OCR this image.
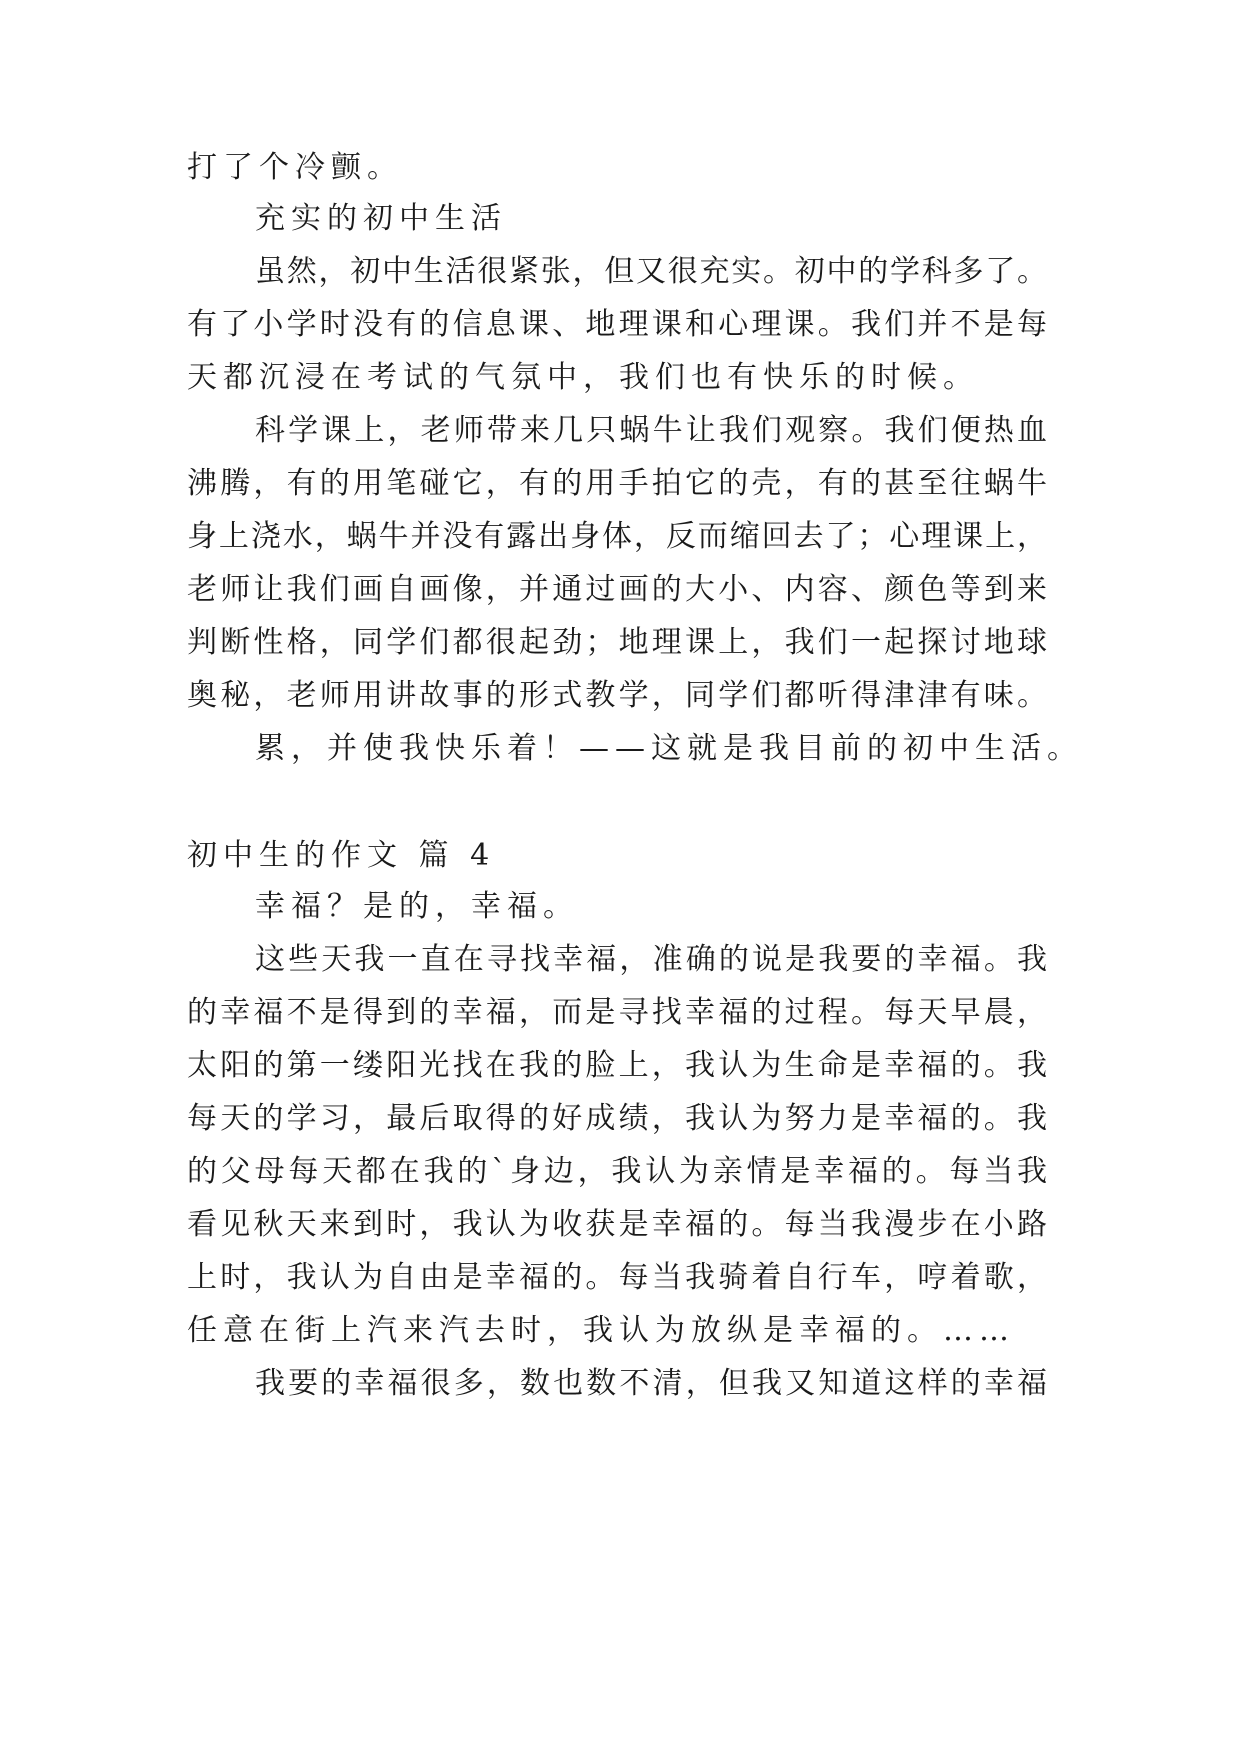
打了个冷颤。
充实的初中生活
虽然，初中生活很紧张，但又很充实。初中的学科多了。
有了小学时没有的信息课、地理课和心理课。我们并不是每
天都沉浸在考试的气氛中，我们也有快乐的时候。
科学课上，老师带来几只蜗牛让我们观察。我们便热血
沸腾，有的用笔碰它，有的用手拍它的壳，有的甚至往蜗牛
身上浇水，蜗牛并没有露出身体，反而缩回去了；心理课上，
老师让我们画自画像，并通过画的大小、内容、颜色等到来
判断性格，同学们都很起劲；地理课上，我们一起探讨地球
奥秘，老师用讲故事的形式教学，同学们都听得津津有味。
累，并使我快乐着！——这就是我目前的初中生活。
初中生的作文 篇 4
幸福？是的，幸福。
这些天我一直在寻找幸福，准确的说是我要的幸福。我
的幸福不是得到的幸福，而是寻找幸福的过程。每天早晨，
太阳的第一缕阳光找在我的脸上，我认为生命是幸福的。我
每天的学习，最后取得的好成绩，我认为努力是幸福的。我
的父母每天都在我的`身边，我认为亲情是幸福的。每当我
看见秋天来到时，我认为收获是幸福的。每当我漫步在小路
上时，我认为自由是幸福的。每当我骑着自行车，哼着歌，
任意在街上汽来汽去时，我认为放纵是幸福的。……
我要的幸福很多，数也数不清，但我又知道这样的幸福
